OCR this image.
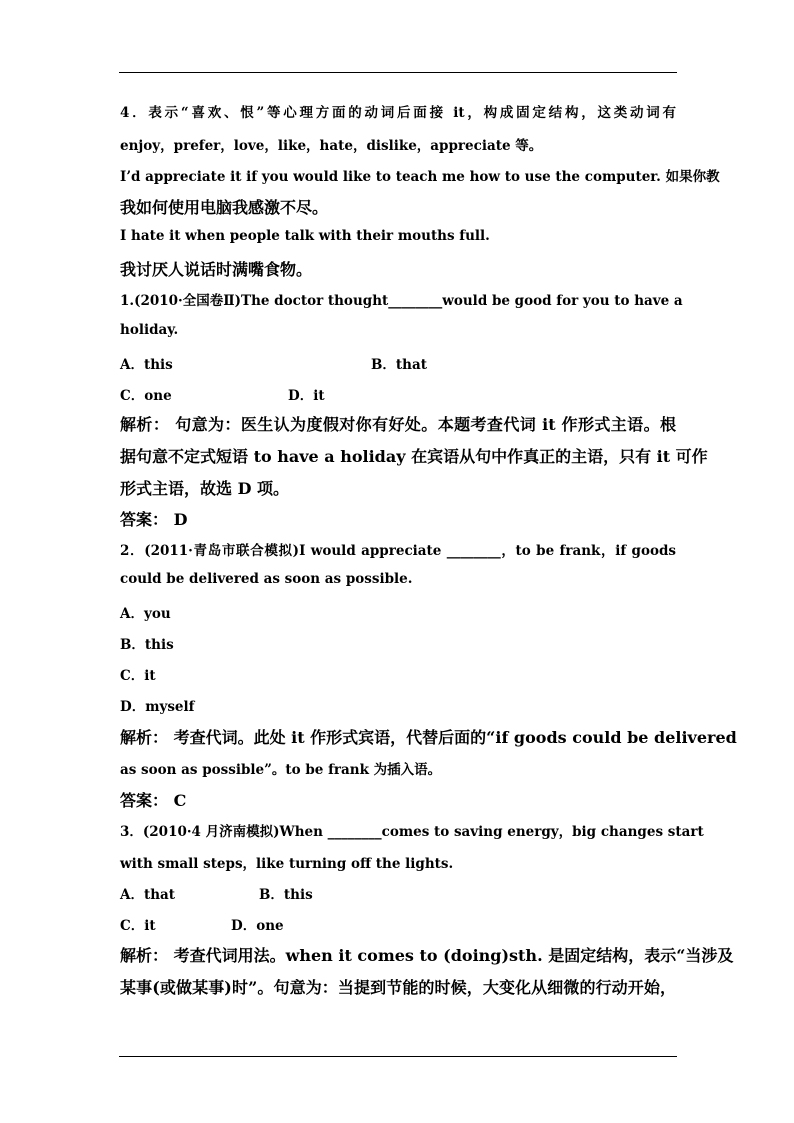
4．表示“喜欢、恨”等心理方面的动词后面接 it，构成固定结构，这类动词有
enjoy，prefer，love，like，hate，dislike，appreciate 等。
I’d appreciate it if you would like to teach me how to use the computer. 如果你教
我如何使用电脑我感激不尽。
I hate it when people talk with their mouths full.
我讨厌人说话时满嘴食物。
1.(2010·全国卷Ⅱ)The doctor thought________would be good for you to have a
holiday.
A．this	B．that
C．one	D．it
解析： 句意为：医生认为度假对你有好处。本题考查代词 it 作形式主语。根
据句意不定式短语 to have a holiday 在宾语从句中作真正的主语，只有 it 可作
形式主语，故选 D 项。
答案： D
2．(2011·青岛市联合模拟)I would appreciate ________，to be frank，if goods
could be delivered as soon as possible.
A．you
B．this
C．it
D．myself
解析： 考查代词。此处 it 作形式宾语，代替后面的“if goods could be delivered
as soon as possible”。to be frank 为插入语。
答案： C
3．(2010·4 月济南模拟)When ________comes to saving energy，big changes start
with small steps，like turning off the lights.
A．that	B．this
C．it	D．one
解析： 考查代词用法。when it comes to (doing)sth. 是固定结构，表示“当涉及
某事(或做某事)时”。句意为：当提到节能的时候，大变化从细微的行动开始，
